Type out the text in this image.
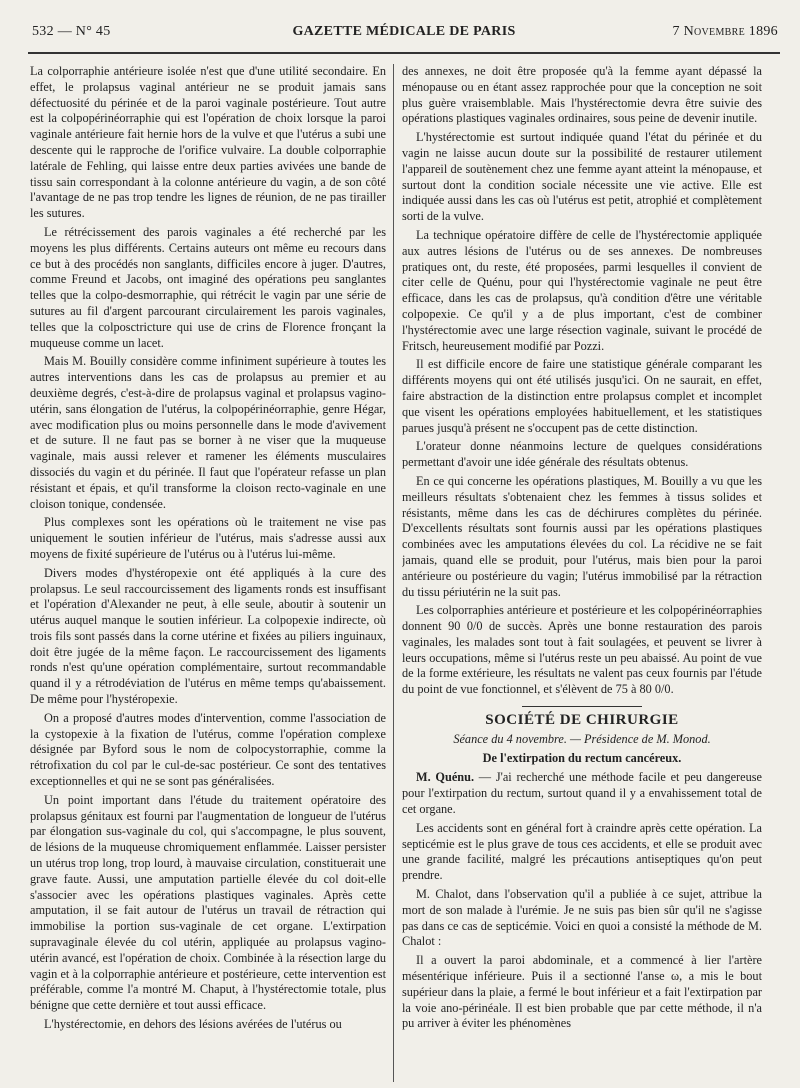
532 — N° 45	GAZETTE MÉDICALE DE PARIS	7 Novembre 1896

La colporraphie antérieure isolée n'est que d'une utilité secondaire. En effet, le prolapsus vaginal antérieur ne se produit jamais sans défectuosité du périnée et de la paroi vaginale postérieure. Tout autre est la colpopérinéorraphie qui est l'opération de choix lorsque la paroi vaginale antérieure fait hernie hors de la vulve et que l'utérus a subi une descente qui le rapproche de l'orifice vulvaire. La double colporraphie latérale de Fehling, qui laisse entre deux parties avivées une bande de tissu sain correspondant à la colonne antérieure du vagin, a de son côté l'avantage de ne pas trop tendre les lignes de réunion, de ne pas tirailler les sutures.

Le rétrécissement des parois vaginales a été recherché par les moyens les plus différents. Certains auteurs ont même eu recours dans ce but à des procédés non sanglants, difficiles encore à juger. D'autres, comme Freund et Jacobs, ont imaginé des opérations peu sanglantes telles que la colpo-desmorraphie, qui rétrécit le vagin par une série de sutures au fil d'argent parcourant circulairement les parois vaginales, telles que la colposctricture qui use de crins de Florence fronçant la muqueuse comme un lacet.

Mais M. Bouilly considère comme infiniment supérieure à toutes les autres interventions dans les cas de prolapsus au premier et au deuxième degrés, c'est-à-dire de prolapsus vaginal et prolapsus vagino-utérin, sans élongation de l'utérus, la colpopérinéorraphie, genre Hégar, avec modification plus ou moins personnelle dans le mode d'avivement et de suture. Il ne faut pas se borner à ne viser que la muqueuse vaginale, mais aussi relever et ramener les éléments musculaires dissociés du vagin et du périnée. Il faut que l'opérateur refasse un plan résistant et épais, et qu'il transforme la cloison recto-vaginale en une cloison tonique, condensée.

Plus complexes sont les opérations où le traitement ne vise pas uniquement le soutien inférieur de l'utérus, mais s'adresse aussi aux moyens de fixité supérieure de l'utérus ou à l'utérus lui-même.

Divers modes d'hystéropexie ont été appliqués à la cure des prolapsus. Le seul raccourcissement des ligaments ronds est insuffisant et l'opération d'Alexander ne peut, à elle seule, aboutir à soutenir un utérus auquel manque le soutien inférieur. La colpopexie indirecte, où trois fils sont passés dans la corne utérine et fixées au piliers inguinaux, doit être jugée de la même façon. Le raccourcissement des ligaments ronds n'est qu'une opération complémentaire, surtout recommandable quand il y a rétrodéviation de l'utérus en même temps qu'abaissement. De même pour l'hystéropexie.

On a proposé d'autres modes d'intervention, comme l'association de la cystopexie à la fixation de l'utérus, comme l'opération complexe désignée par Byford sous le nom de colpocystorraphie, comme la rétrofixation du col par le cul-de-sac postérieur. Ce sont des tentatives exceptionnelles et qui ne se sont pas généralisées.

Un point important dans l'étude du traitement opératoire des prolapsus génitaux est fourni par l'augmentation de longueur de l'utérus par élongation sus-vaginale du col, qui s'accompagne, le plus souvent, de lésions de la muqueuse chromiquement enflammée. Laisser persister un utérus trop long, trop lourd, à mauvaise circulation, constituerait une grave faute. Aussi, une amputation partielle élevée du col doit-elle s'associer avec les opérations plastiques vaginales. Après cette amputation, il se fait autour de l'utérus un travail de rétraction qui immobilise la portion sus-vaginale de cet organe. L'extirpation supravaginale élevée du col utérin, appliquée au prolapsus vagino-utérin avancé, est l'opération de choix. Combinée à la résection large du vagin et à la colporraphie antérieure et postérieure, cette intervention est préférable, comme l'a montré M. Chaput, à l'hystérectomie totale, plus bénigne que cette dernière et tout aussi efficace.

L'hystérectomie, en dehors des lésions avérées de l'utérus ou

des annexes, ne doit être proposée qu'à la femme ayant dépassé la ménopause ou en étant assez rapprochée pour que la conception ne soit plus guère vraisemblable. Mais l'hystérectomie devra être suivie des opérations plastiques vaginales ordinaires, sous peine de devenir inutile.

L'hystérectomie est surtout indiquée quand l'état du périnée et du vagin ne laisse aucun doute sur la possibilité de restaurer utilement l'appareil de soutènement chez une femme ayant atteint la ménopause, et surtout dont la condition sociale nécessite une vie active. Elle est indiquée aussi dans les cas où l'utérus est petit, atrophié et complètement sorti de la vulve.

La technique opératoire diffère de celle de l'hystérectomie appliquée aux autres lésions de l'utérus ou de ses annexes. De nombreuses pratiques ont, du reste, été proposées, parmi lesquelles il convient de citer celle de Quénu, pour qui l'hystérectomie vaginale ne peut être efficace, dans les cas de prolapsus, qu'à condition d'être une véritable colpopexie. Ce qu'il y a de plus important, c'est de combiner l'hystérectomie avec une large résection vaginale, suivant le procédé de Fritsch, heureusement modifié par Pozzi.

Il est difficile encore de faire une statistique générale comparant les différents moyens qui ont été utilisés jusqu'ici. On ne saurait, en effet, faire abstraction de la distinction entre prolapsus complet et incomplet que visent les opérations employées habituellement, et les statistiques parues jusqu'à présent ne s'occupent pas de cette distinction.

L'orateur donne néanmoins lecture de quelques considérations permettant d'avoir une idée générale des résultats obtenus.

En ce qui concerne les opérations plastiques, M. Bouilly a vu que les meilleurs résultats s'obtenaient chez les femmes à tissus solides et résistants, même dans les cas de déchirures complètes du périnée. D'excellents résultats sont fournis aussi par les opérations plastiques combinées avec les amputations élevées du col. La récidive ne se fait jamais, quand elle se produit, pour l'utérus, mais bien pour la paroi antérieure ou postérieure du vagin; l'utérus immobilisé par la rétraction du tissu périutérin ne la suit pas.

Les colporraphies antérieure et postérieure et les colpopérinéorraphies donnent 90 0/0 de succès. Après une bonne restauration des parois vaginales, les malades sont tout à fait soulagées, et peuvent se livrer à leurs occupations, même si l'utérus reste un peu abaissé. Au point de vue de la forme extérieure, les résultats ne valent pas ceux fournis par l'étude du point de vue fonctionnel, et s'élèvent de 75 à 80 0/0.

SOCIÉTÉ DE CHIRURGIE
Séance du 4 novembre. — Présidence de M. Monod.
De l'extirpation du rectum cancéreux.

M. Quénu. — J'ai recherché une méthode facile et peu dangereuse pour l'extirpation du rectum, surtout quand il y a envahissement total de cet organe.

Les accidents sont en général fort à craindre après cette opération. La septicémie est le plus grave de tous ces accidents, et elle se produit avec une grande facilité, malgré les précautions antiseptiques qu'on peut prendre.

M. Chalot, dans l'observation qu'il a publiée à ce sujet, attribue la mort de son malade à l'urémie. Je ne suis pas bien sûr qu'il ne s'agisse pas dans ce cas de septicémie. Voici en quoi a consisté la méthode de M. Chalot :

Il a ouvert la paroi abdominale, et a commencé à lier l'artère mésentérique inférieure. Puis il a sectionné l'anse ω, a mis le bout supérieur dans la plaie, a fermé le bout inférieur et a fait l'extirpation par la voie ano-périnéale. Il est bien probable que par cette méthode, il n'a pu arriver à éviter les phénomènes
